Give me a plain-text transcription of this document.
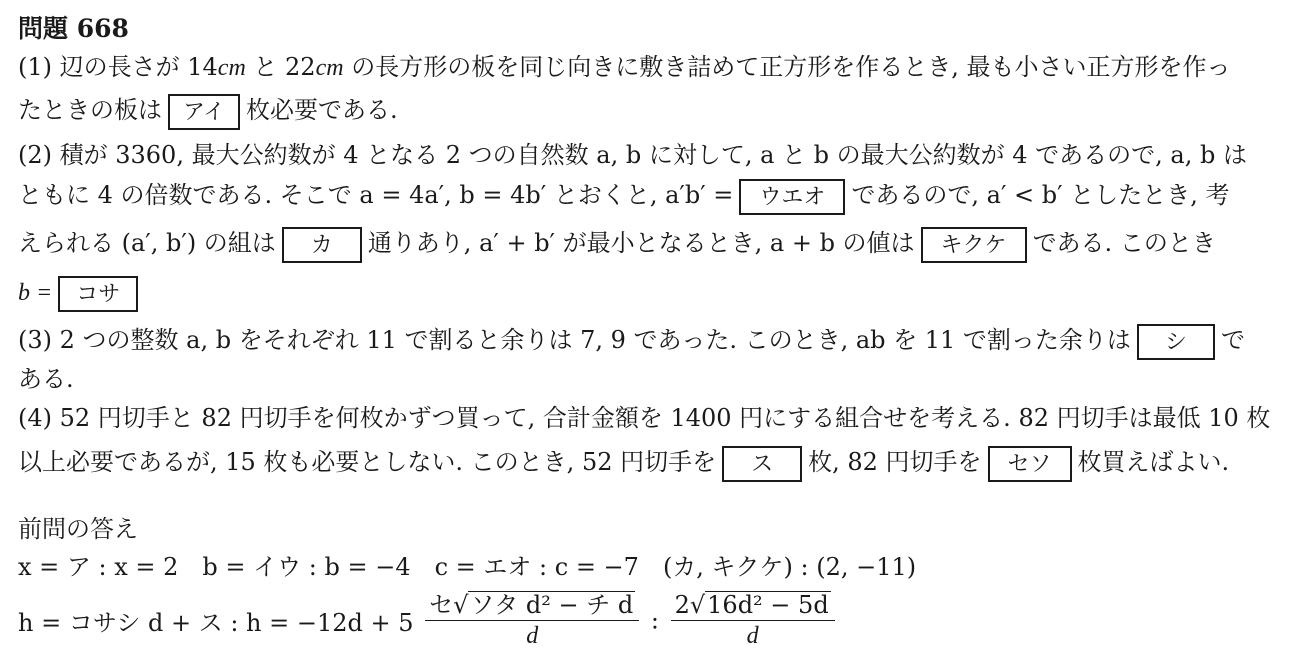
問題 668
(1) 辺の長さが 14cm と 22cm の長方形の板を同じ向きに敷き詰めて正方形を作るとき, 最も小さい正方形を作っ
たときの板は アイ 枚必要である.
(2) 積が 3360, 最大公約数が 4 となる 2 つの自然数 a, b に対して, a と b の最大公約数が 4 であるので, a, b は
ともに 4 の倍数である. そこで a = 4a′, b = 4b′ とおくと, a′b′ = ウエオ であるので, a′ < b′ としたとき, 考
えられる (a′, b′) の組は カ 通りあり, a′ + b′ が最小となるとき, a + b の値は キクケ である. このとき
b = コサ
(3) 2 つの整数 a, b をそれぞれ 11 で割ると余りは 7, 9 であった. このとき, ab を 11 で割った余りは シ で
ある.
(4) 52 円切手と 82 円切手を何枚かずつ買って, 合計金額を 1400 円にする組合せを考える. 82 円切手は最低 10 枚
以上必要であるが, 15 枚も必要としない. このとき, 52 円切手を ス 枚, 82 円切手を セソ 枚買えばよい.
前問の答え
x = ア : x = 2　b = イウ : b = −4　c = エオ : c = −7　(カ, キクケ) : (2, −11)
h = コサシ d + ス : $h = -12d + 5 \frac{\text{セ√ソタ d² − チ d}}{d}$ : $\frac{\text{2√16d² − 5d}}{d}$
